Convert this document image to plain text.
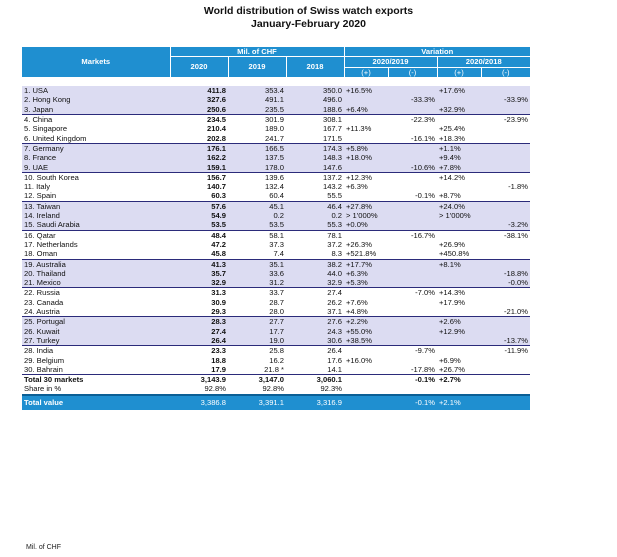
World distribution of Swiss watch exports
January-February 2020
Markets	Mil. of CHF			Variation			
	2020	2019	2018	2020/2019		2020/2018	
				(+)	(-)	(+)	(-)

1. USA	411.8	353.4	350.0	+16.5%		+17.6%	
2. Hong Kong	327.6	491.1	496.0		-33.3%		-33.9%
3. Japan	250.6	235.5	188.6	+6.4%		+32.9%	
4. China	234.5	301.9	308.1		-22.3%		-23.9%
5. Singapore	210.4	189.0	167.7	+11.3%		+25.4%	
6. United Kingdom	202.8	241.7	171.5		-16.1%	+18.3%	
7. Germany	176.1	166.5	174.3	+5.8%		+1.1%	
8. France	162.2	137.5	148.3	+18.0%		+9.4%	
9. UAE	159.1	178.0	147.6		-10.6%	+7.8%	
10. South Korea	156.7	139.6	137.2	+12.3%		+14.2%	
11. Italy	140.7	132.4	143.2	+6.3%			-1.8%
12. Spain	60.3	60.4	55.5		-0.1%	+8.7%	
13. Taiwan	57.6	45.1	46.4	+27.8%		+24.0%	
14. Ireland	54.9	0.2	0.2	> 1'000%		> 1'000%	
15. Saudi Arabia	53.5	53.5	55.3	+0.0%			-3.2%
16. Qatar	48.4	58.1	78.1		-16.7%		-38.1%
17. Netherlands	47.2	37.3	37.2	+26.3%		+26.9%	
18. Oman	45.8	7.4	8.3	+521.8%		+450.8%	
19. Australia	41.3	35.1	38.2	+17.7%		+8.1%	
20. Thailand	35.7	33.6	44.0	+6.3%			-18.8%
21. Mexico	32.9	31.2	32.9	+5.3%			-0.0%
22. Russia	31.3	33.7	27.4		-7.0%	+14.3%	
23. Canada	30.9	28.7	26.2	+7.6%		+17.9%	
24. Austria	29.3	28.0	37.1	+4.8%			-21.0%
25. Portugal	28.3	27.7	27.6	+2.2%		+2.6%	
26. Kuwait	27.4	17.7	24.3	+55.0%		+12.9%	
27. Turkey	26.4	19.0	30.6	+38.5%			-13.7%
28. India	23.3	25.8	26.4		-9.7%		-11.9%
29. Belgium	18.8	16.2	17.6	+16.0%		+6.9%	
30. Bahrain	17.9	21.8 *	14.1		-17.8%	+26.7%	
Total 30 markets	3,143.9	3,147.0	3,060.1		-0.1%	+2.7%	
Share in %	92.8%	92.8%	92.3%				
Total value	3,386.8	3,391.1	3,316.9		-0.1%	+2.1%	
Mil. of CHF
